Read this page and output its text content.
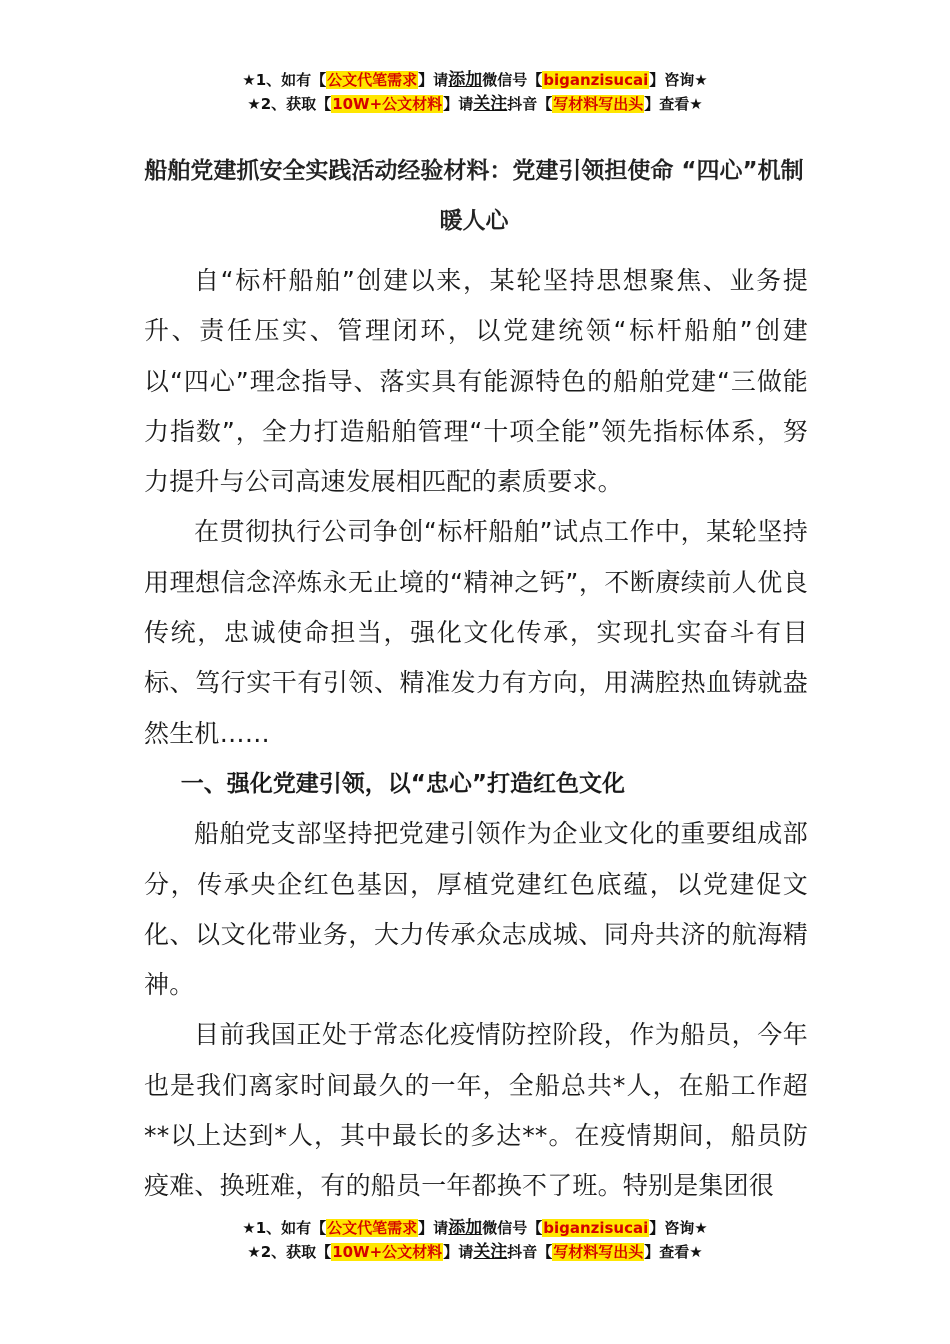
★1、如有【公文代笔需求】请添加微信号【biganzisucai】咨询★
★2、获取【10W+公文材料】请关注抖音【写材料写出头】查看★
船舶党建抓安全实践活动经验材料：党建引领担使命 “四心”机制暖人心

自“标杆船舶”创建以来，某轮坚持思想聚焦、业务提升、责任压实、管理闭环，以党建统领“标杆船舶”创建以“四心”理念指导、落实具有能源特色的船舶党建“三做能力指数”，全力打造船舶管理“十项全能”领先指标体系，努力提升与公司高速发展相匹配的素质要求。

在贯彻执行公司争创“标杆船舶”试点工作中，某轮坚持用理想信念淬炼永无止境的“精神之钙”，不断赓续前人优良传统，忠诚使命担当，强化文化传承，实现扎实奋斗有目标、笃行实干有引领、精准发力有方向，用满腔热血铸就盎然生机……

一、强化党建引领，以“忠心”打造红色文化

船舶党支部坚持把党建引领作为企业文化的重要组成部分，传承央企红色基因，厚植党建红色底蕴，以党建促文化、以文化带业务，大力传承众志成城、同舟共济的航海精神。

目前我国正处于常态化疫情防控阶段，作为船员，今年也是我们离家时间最久的一年，全船总共*人，在船工作超**以上达到*人，其中最长的多达**。在疫情期间，船员防疫难、换班难，有的船员一年都换不了班。特别是集团很

★1、如有【公文代笔需求】请添加微信号【biganzisucai】咨询★
★2、获取【10W+公文材料】请关注抖音【写材料写出头】查看★
